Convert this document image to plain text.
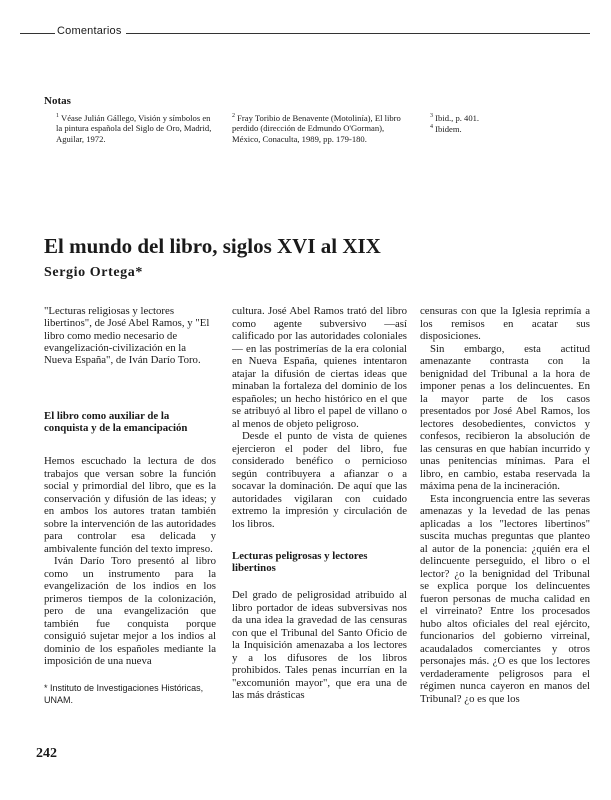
Comentarios
Notas
$^1$ Véase Julián Gállego, Visión y símbolos en la pintura española del Siglo de Oro, Madrid, Aguilar, 1972.
$^2$ Fray Toribio de Benavente (Motolinía), El libro perdido (dirección de Edmundo O'Gorman), México, Conaculta, 1989, pp. 179-180.
$^3$ Ibid., p. 401.
$^4$ Ibidem.
El mundo del libro, siglos XVI al XIX
Sergio Ortega*
"Lecturas religiosas y lectores libertinos", de José Abel Ramos, y "El libro como medio necesario de evangelización-civilización en la Nueva España", de Iván Darío Toro.
El libro como auxiliar de la conquista y de la emancipación

Hemos escuchado la lectura de dos trabajos que versan sobre la función social y primordial del libro, que es la conservación y difusión de las ideas; y en ambos los autores tratan también sobre la intervención de las autoridades para controlar esa delicada y ambivalente función del texto impreso.

Iván Darío Toro presentó al libro como un instrumento para la evangelización de los indios en los primeros tiempos de la colonización, pero de una evangelización que también fue conquista porque consiguió sujetar mejor a los indios al dominio de los españoles mediante la imposición de una nueva

* Instituto de Investigaciones Históricas, UNAM.

cultura. José Abel Ramos trató del libro como agente subversivo —así calificado por las autoridades coloniales— en las postrimerías de la era colonial en Nueva España, quienes intentaron atajar la difusión de ciertas ideas que minaban la fortaleza del dominio de los españoles; un hecho histórico en el que se atribuyó al libro el papel de villano o al menos de objeto peligroso.

Desde el punto de vista de quienes ejercieron el poder del libro, fue considerado benéfico o pernicioso según contribuyera a afianzar o a socavar la dominación. De aquí que las autoridades vigilaran con cuidado extremo la impresión y circulación de los libros.

Lecturas peligrosas y lectores libertinos

Del grado de peligrosidad atribuido al libro portador de ideas subversivas nos da una idea la gravedad de las censuras con que el Tribunal del Santo Oficio de la Inquisición amenazaba a los lectores y a los difusores de los libros prohibidos. Tales penas incurrían en la "excomunión mayor", que era una de las más drásticas

censuras con que la Iglesia reprimía a los remisos en acatar sus disposiciones.

Sin embargo, esta actitud amenazante contrasta con la benignidad del Tribunal a la hora de imponer penas a los delincuentes. En la mayor parte de los casos presentados por José Abel Ramos, los lectores desobedientes, convictos y confesos, recibieron la absolución de las censuras en que habían incurrido y unas penitencias mínimas. Para el libro, en cambio, estaba reservada la máxima pena de la incineración.

Esta incongruencia entre las severas amenazas y la levedad de las penas aplicadas a los "lectores libertinos" suscita muchas preguntas que planteo al autor de la ponencia: ¿quién era el delincuente perseguido, el libro o el lector? ¿o la benignidad del Tribunal se explica porque los delincuentes fueron personas de mucha calidad en el virreinato? Entre los procesados hubo altos oficiales del real ejército, funcionarios del gobierno virreinal, acaudalados comerciantes y otros personajes más. ¿O es que los lectores verdaderamente peligrosos para el régimen nunca cayeron en manos del Tribunal? ¿o es que los

242
